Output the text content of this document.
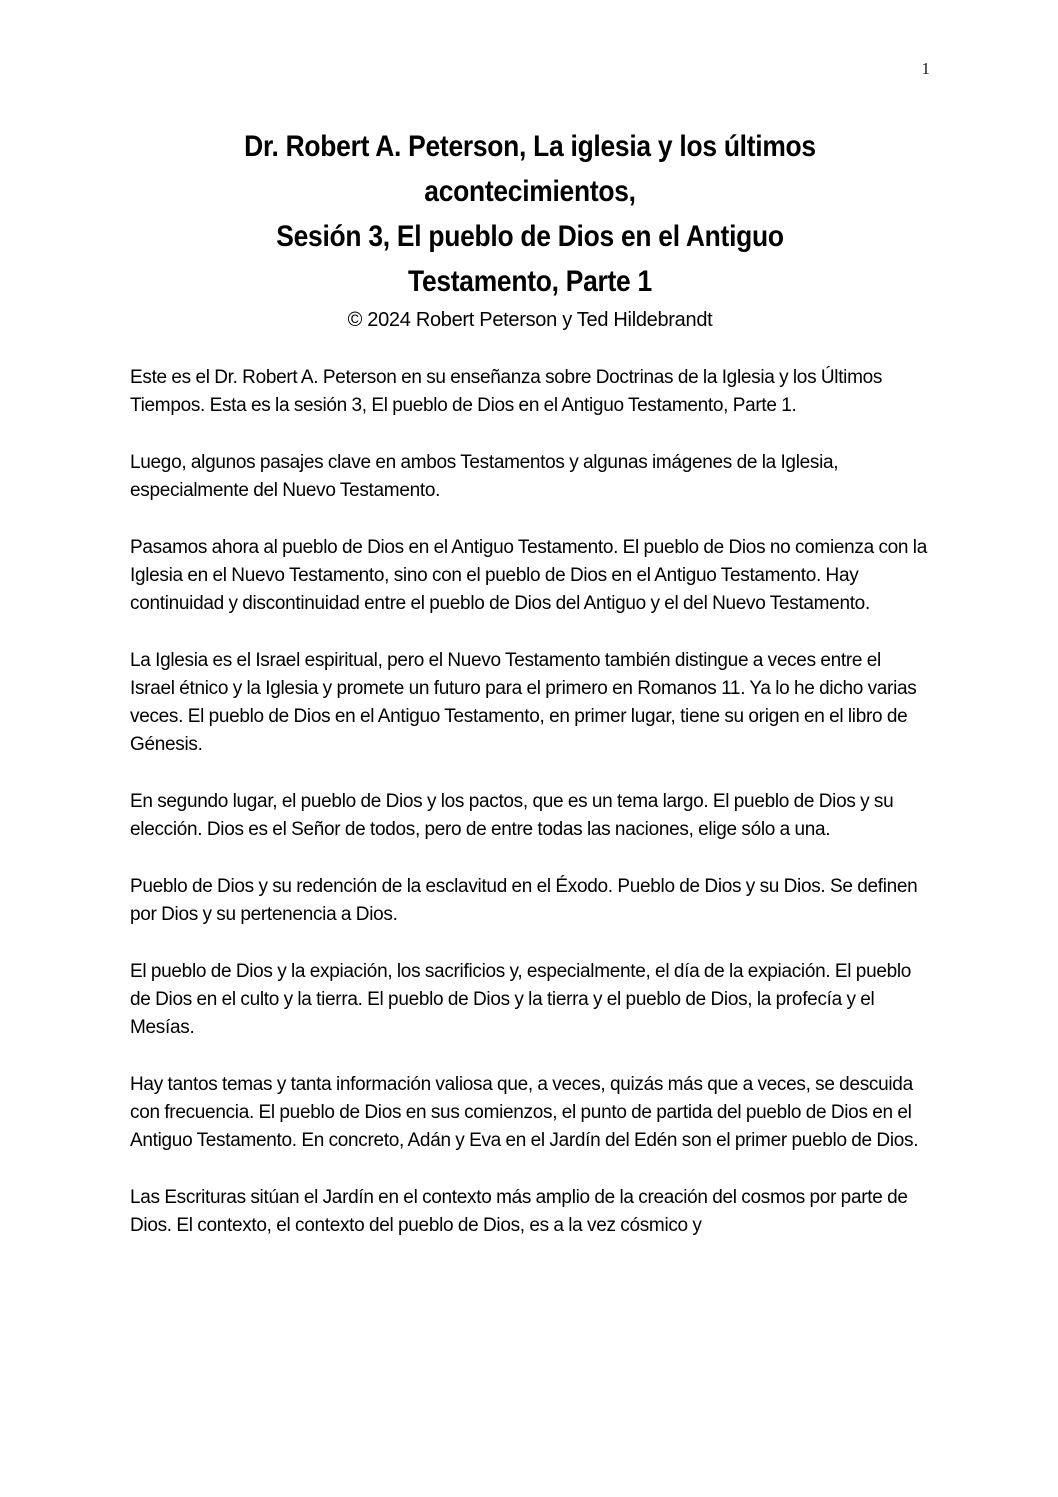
1
Dr. Robert A. Peterson, La iglesia y los últimos
acontecimientos,
Sesión 3, El pueblo de Dios en el Antiguo
Testamento, Parte 1
© 2024 Robert Peterson y Ted Hildebrandt

Este es el Dr. Robert A. Peterson en su enseñanza sobre Doctrinas de la Iglesia y los Últimos Tiempos. Esta es la sesión 3, El pueblo de Dios en el Antiguo Testamento, Parte 1.

Luego, algunos pasajes clave en ambos Testamentos y algunas imágenes de la Iglesia, especialmente del Nuevo Testamento.

Pasamos ahora al pueblo de Dios en el Antiguo Testamento. El pueblo de Dios no comienza con la Iglesia en el Nuevo Testamento, sino con el pueblo de Dios en el Antiguo Testamento. Hay continuidad y discontinuidad entre el pueblo de Dios del Antiguo y el del Nuevo Testamento.

La Iglesia es el Israel espiritual, pero el Nuevo Testamento también distingue a veces entre el Israel étnico y la Iglesia y promete un futuro para el primero en Romanos 11. Ya lo he dicho varias veces. El pueblo de Dios en el Antiguo Testamento, en primer lugar, tiene su origen en el libro de Génesis.

En segundo lugar, el pueblo de Dios y los pactos, que es un tema largo. El pueblo de Dios y su elección. Dios es el Señor de todos, pero de entre todas las naciones, elige sólo a una.

Pueblo de Dios y su redención de la esclavitud en el Éxodo. Pueblo de Dios y su Dios. Se definen por Dios y su pertenencia a Dios.

El pueblo de Dios y la expiación, los sacrificios y, especialmente, el día de la expiación. El pueblo de Dios en el culto y la tierra. El pueblo de Dios y la tierra y el pueblo de Dios, la profecía y el Mesías.

Hay tantos temas y tanta información valiosa que, a veces, quizás más que a veces, se descuida con frecuencia. El pueblo de Dios en sus comienzos, el punto de partida del pueblo de Dios en el Antiguo Testamento. En concreto, Adán y Eva en el Jardín del Edén son el primer pueblo de Dios.

Las Escrituras sitúan el Jardín en el contexto más amplio de la creación del cosmos por parte de Dios. El contexto, el contexto del pueblo de Dios, es a la vez cósmico y
